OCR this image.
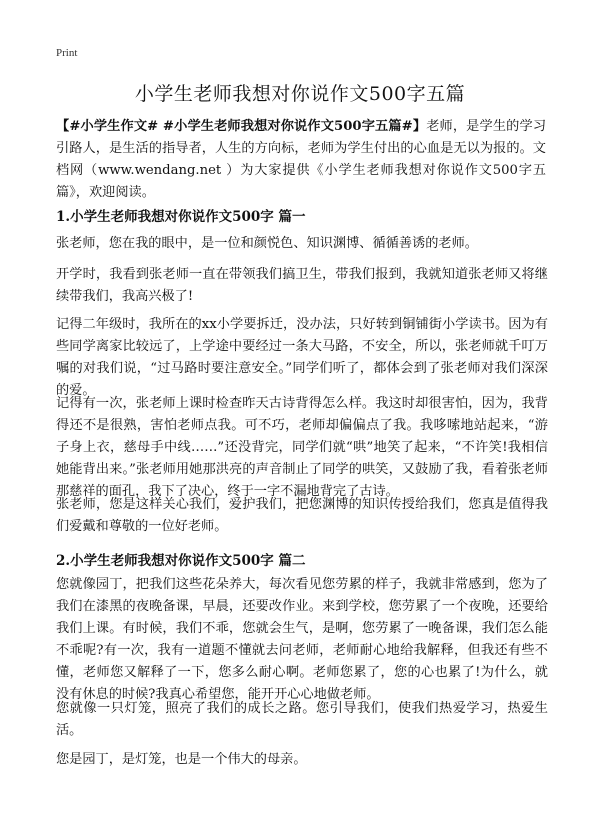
Print
小学生老师我想对你说作文500字五篇
【#小学生作文# #小学生老师我想对你说作文500字五篇#】老师，是学生的学习引路人，是生活的指导者，人生的方向标，老师为学生付出的心血是无以为报的。文档网（www.wendang.net ）为大家提供《小学生老师我想对你说作文500字五篇》，欢迎阅读。
1.小学生老师我想对你说作文500字 篇一
张老师，您在我的眼中，是一位和颜悦色、知识渊博、循循善诱的老师。
开学时，我看到张老师一直在带领我们搞卫生，带我们报到，我就知道张老师又将继续带我们，我高兴极了!
记得二年级时，我所在的xx小学要拆迁，没办法，只好转到铜铺街小学读书。因为有些同学离家比较远了，上学途中要经过一条大马路，不安全，所以，张老师就千叮万嘱的对我们说，“过马路时要注意安全。”同学们听了，都体会到了张老师对我们深深的爱。
记得有一次，张老师上课时检查昨天古诗背得怎么样。我这时却很害怕，因为，我背得还不是很熟，害怕老师点我。可不巧，老师却偏偏点了我。我哆嗦地站起来，“游子身上衣，慈母手中线……”还没背完，同学们就“哄”地笑了起来，“不许笑!我相信她能背出来。”张老师用她那洪亮的声音制止了同学的哄笑，又鼓励了我，看着张老师那慈祥的面孔，我下了决心，终于一字不漏地背完了古诗。
张老师，您是这样关心我们，爱护我们，把您渊博的知识传授给我们，您真是值得我们爱戴和尊敬的一位好老师。
2.小学生老师我想对你说作文500字 篇二
您就像园丁，把我们这些花朵养大，每次看见您劳累的样子，我就非常感到，您为了我们在漆黑的夜晚备课，早晨，还要改作业。来到学校，您劳累了一个夜晚，还要给我们上课。有时候，我们不乖，您就会生气，是啊，您劳累了一晚备课，我们怎么能不乖呢?有一次，我有一道题不懂就去问老师，老师耐心地给我解释，但我还有些不懂，老师您又解释了一下，您多么耐心啊。老师您累了，您的心也累了!为什么，就没有休息的时候?我真心希望您，能开开心心地做老师。
您就像一只灯笼，照亮了我们的成长之路。您引导我们，使我们热爱学习，热爱生活。
您是园丁，是灯笼，也是一个伟大的母亲。
